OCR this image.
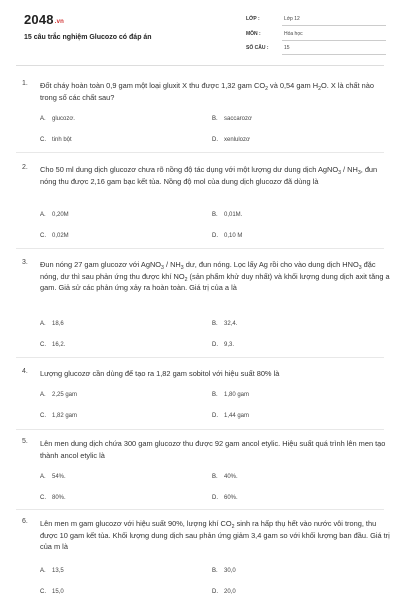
2048.vn
15 câu trắc nghiệm Glucozo có đáp án
LỚP :	Lớp 12
MÔN :	Hóa học
SỐ CÂU :	15
1. Đốt cháy hoàn toàn 0,9 gam một loại gluxit X thu được 1,32 gam $CO_2$ và 0,54 gam $H_2O$. X là chất nào trong số các chất sau?
A. glucozơ.	B. saccarozơ
C. tinh bột	D. xenlulozơ
2. Cho 50 ml dung dịch glucozơ chưa rõ nồng độ tác dụng với một lượng dư dung dịch AgNO$_3$ / $NH_3$, đun nóng thu được 2,16 gam bạc kết tủa. Nồng độ mol của dung dịch glucozơ đã dùng là
A. 0,20M	B. 0,01M.
C. 0,02M	D. 0,10 M
3. Đun nóng 27 gam glucozơ với AgNO$_3$ / $NH_3$ dư, đun nóng. Lọc lấy Ag rồi cho vào dung dịch $HNO_3$ đặc nóng, dư thì sau phản ứng thu được khí $NO_2$ (sản phẩm khử duy nhất) và khối lượng dung dịch axit tăng a gam. Giả sử các phản ứng xảy ra hoàn toàn. Giá trị của a là
A. 18,6	B. 32,4.
C. 16,2.	D. 9,3.
4. Lượng glucozơ cần dùng để tạo ra 1,82 gam sobitol với hiệu suất 80% là
A. 2,25 gam	B. 1,80 gam
C. 1,82 gam	D. 1,44 gam
5. Lên men dung dịch chứa 300 gam glucozơ thu được 92 gam ancol etylic. Hiệu suất quá trình lên men tạo thành ancol etylic là
A. 54%.	B. 40%.
C. 80%.	D. 60%.
6. Lên men m gam glucozơ với hiệu suất 90%, lượng khí $CO_2$ sinh ra hấp thụ hết vào nước vôi trong, thu được 10 gam kết tủa. Khối lượng dung dịch sau phản ứng giảm 3,4 gam so với khối lượng ban đầu. Giá trị của m là
A. 13,5	B. 30,0
C. 15,0	D. 20,0
